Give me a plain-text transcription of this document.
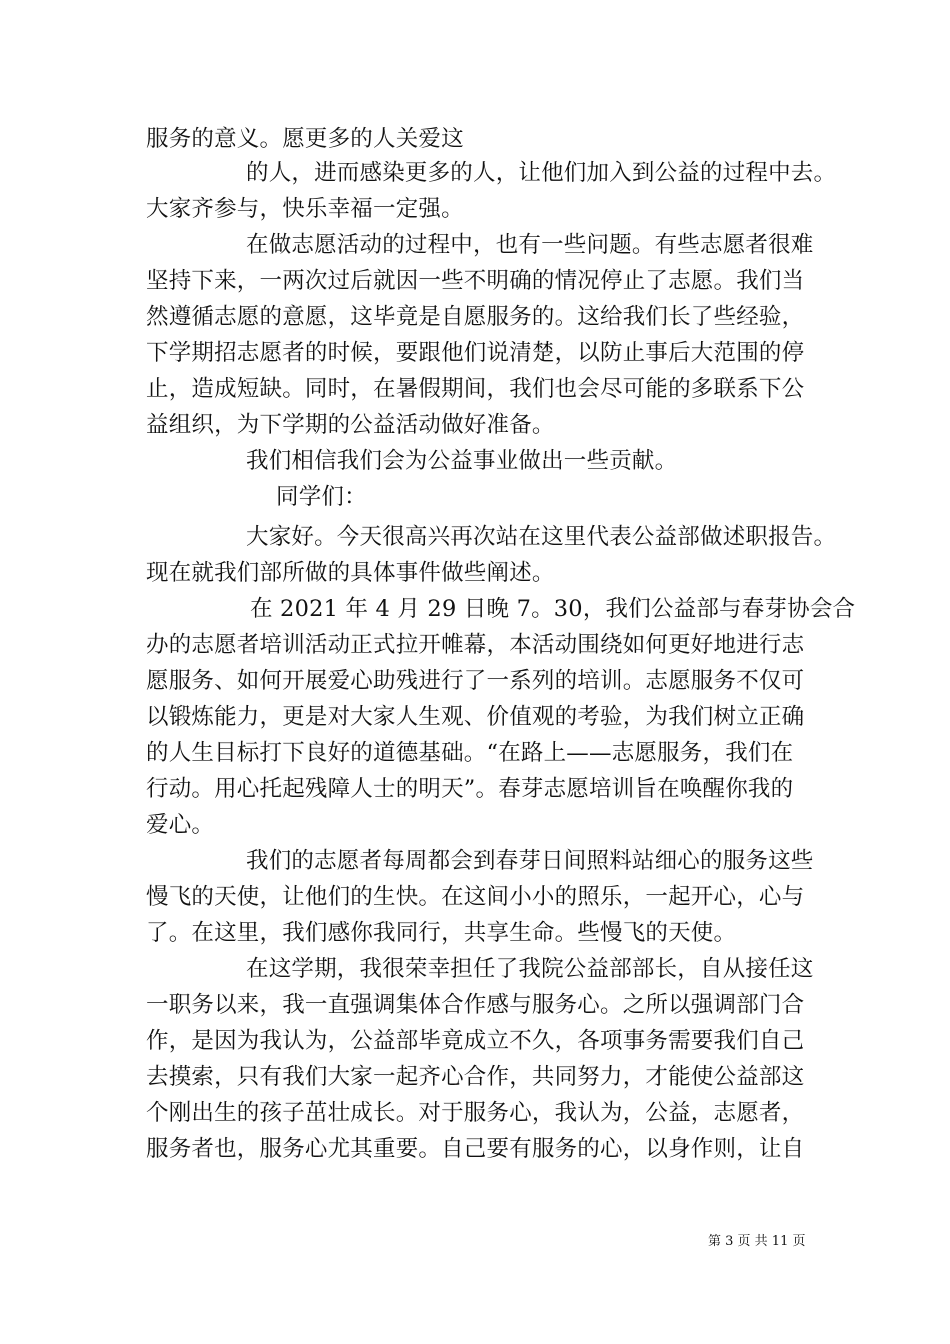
服务的意义。愿更多的人关爱这
的人，进而感染更多的人，让他们加入到公益的过程中去。
大家齐参与，快乐幸福一定强。
在做志愿活动的过程中，也有一些问题。有些志愿者很难
坚持下来，一两次过后就因一些不明确的情况停止了志愿。我们当
然遵循志愿的意愿，这毕竟是自愿服务的。这给我们长了些经验，
下学期招志愿者的时候，要跟他们说清楚，以防止事后大范围的停
止，造成短缺。同时，在暑假期间，我们也会尽可能的多联系下公
益组织，为下学期的公益活动做好准备。
我们相信我们会为公益事业做出一些贡献。
同学们：
大家好。今天很高兴再次站在这里代表公益部做述职报告。
现在就我们部所做的具体事件做些阐述。
在 2021 年 4 月 29 日晚 7。30，我们公益部与春芽协会合
办的志愿者培训活动正式拉开帷幕，本活动围绕如何更好地进行志
愿服务、如何开展爱心助残进行了一系列的培训。志愿服务不仅可
以锻炼能力，更是对大家人生观、价值观的考验，为我们树立正确
的人生目标打下良好的道德基础。“在路上——志愿服务，我们在
行动。用心托起残障人士的明天”。春芽志愿培训旨在唤醒你我的
爱心。
我们的志愿者每周都会到春芽日间照料站细心的服务这些
慢飞的天使，让他们的生快。在这间小小的照乐，一起开心，心与
了。在这里，我们感你我同行，共享生命。些慢飞的天使。
在这学期，我很荣幸担任了我院公益部部长，自从接任这
一职务以来，我一直强调集体合作感与服务心。之所以强调部门合
作，是因为我认为，公益部毕竟成立不久，各项事务需要我们自己
去摸索，只有我们大家一起齐心合作，共同努力，才能使公益部这
个刚出生的孩子茁壮成长。对于服务心，我认为，公益，志愿者，
服务者也，服务心尤其重要。自己要有服务的心，以身作则，让自
第 3 页 共 11 页
